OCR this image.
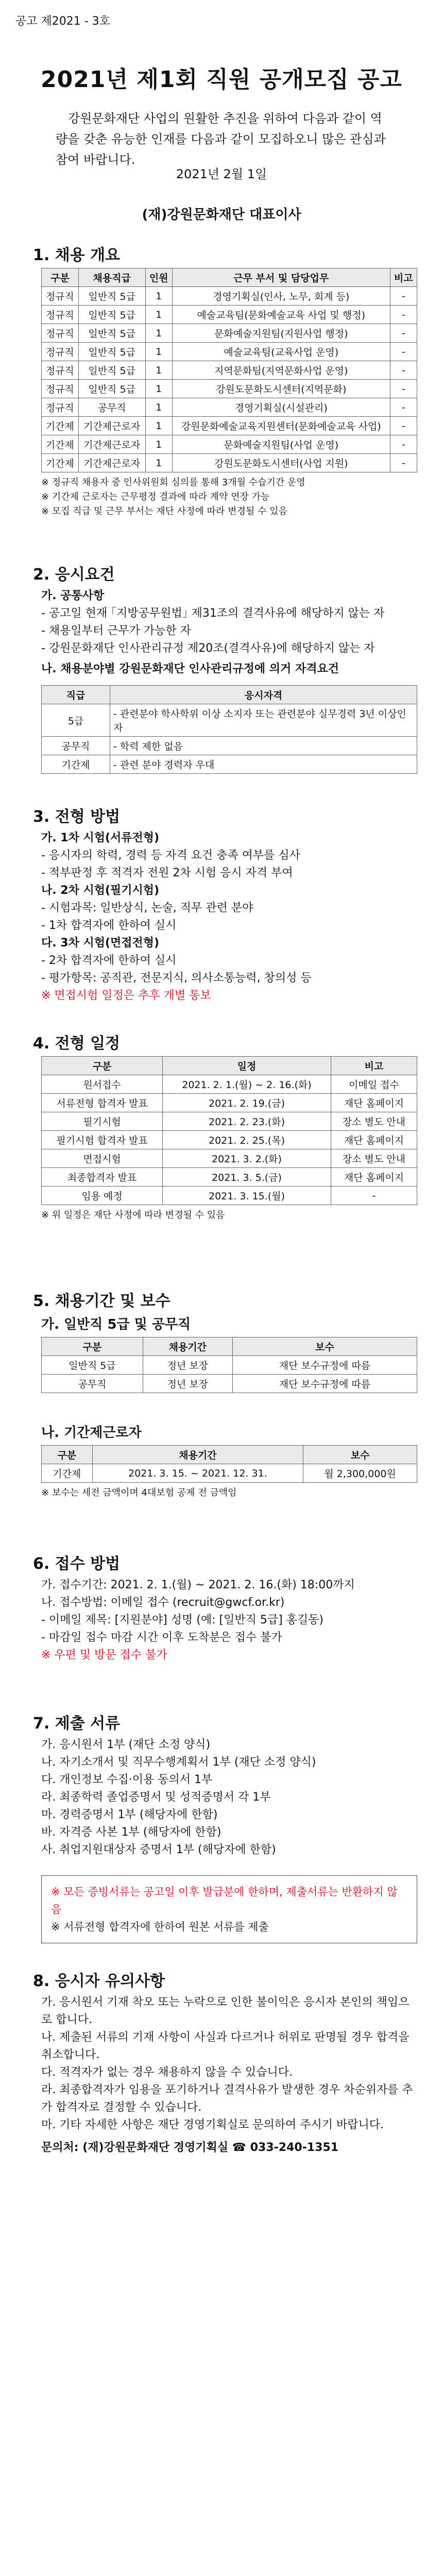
공고 제2021 - 3호
2021년 제1회 직원 공개모집 공고
강원문화재단 사업의 원활한 추진을 위하여 다음과 같이 역량을 갖춘 유능한 인재를 다음과 같이 모집하오니 많은 관심과 참여 바랍니다.
2021년 2월 1일
(재)강원문화재단 대표이사
1. 채용 개요
구분	채용직급	인원	근무 부서 및 담당업무	비고
정규직	일반직 5급	1	경영기획실(인사, 노무, 회계 등)	-
정규직	일반직 5급	1	예술교육팀(문화예술교육 사업 및 행정)	-
정규직	일반직 5급	1	문화예술지원팀(지원사업 행정)	-
정규직	일반직 5급	1	예술교육팀(교육사업 운영)	-
정규직	일반직 5급	1	지역문화팀(지역문화사업 운영)	-
정규직	일반직 5급	1	강원도문화도시센터(지역문화)	-
정규직	공무직	1	경영기획실(시설관리)	-
기간제	기간제근로자	1	강원문화예술교육지원센터(문화예술교육 사업)	-
기간제	기간제근로자	1	문화예술지원팀(사업 운영)	-
기간제	기간제근로자	1	강원도문화도시센터(사업 지원)	-
※ 정규직 채용자 중 인사위원회 심의를 통해 3개월 수습기간 운영
※ 기간제 근로자는 근무평정 결과에 따라 계약 연장 가능
※ 모집 직급 및 근무 부서는 재단 사정에 따라 변경될 수 있음
2. 응시요건

가. 공통사항

- 공고일 현재 ｢지방공무원법｣ 제31조의 결격사유에 해당하지 않는 자

- 채용일부터 근무가 가능한 자

- 강원문화재단 인사관리규정 제20조(결격사유)에 해당하지 않는 자

나. 채용분야별 강원문화재단 인사관리규정에 의거 자격요건

직급	응시자격
5급	- 관련분야 학사학위 이상 소지자 또는 관련분야 실무경력 3년 이상인 자
공무직	- 학력 제한 없음
기간제	- 관련 분야 경력자 우대
3. 전형 방법

가. 1차 시험(서류전형)

- 응시자의 학력, 경력 등 자격 요건 충족 여부를 심사

- 적부판정 후 적격자 전원 2차 시험 응시 자격 부여

나. 2차 시험(필기시험)

- 시험과목: 일반상식, 논술, 직무 관련 분야

- 1차 합격자에 한하여 실시

다. 3차 시험(면접전형)

- 2차 합격자에 한하여 실시

- 평가항목: 공직관, 전문지식, 의사소통능력, 창의성 등

※ 면접시험 일정은 추후 개별 통보

4. 전형 일정
구분	일정	비고
원서접수	2021. 2. 1.(월) ~ 2. 16.(화)	이메일 접수
서류전형 합격자 발표	2021. 2. 19.(금)	재단 홈페이지
필기시험	2021. 2. 23.(화)	장소 별도 안내
필기시험 합격자 발표	2021. 2. 25.(목)	재단 홈페이지
면접시험	2021. 3. 2.(화)	장소 별도 안내
최종합격자 발표	2021. 3. 5.(금)	재단 홈페이지
임용 예정	2021. 3. 15.(월)	-
※ 위 일정은 재단 사정에 따라 변경될 수 있음
5. 채용기간 및 보수
가. 일반직 5급 및 공무직
구분	채용기간	보수
일반직 5급	정년 보장	재단 보수규정에 따름
공무직	정년 보장	재단 보수규정에 따름
나. 기간제근로자
구분	채용기간	보수
기간제	2021. 3. 15. ~ 2021. 12. 31.	월 2,300,000원
※ 보수는 세전 금액이며 4대보험 공제 전 금액임
6. 접수 방법

가. 접수기간: 2021. 2. 1.(월) ~ 2021. 2. 16.(화) 18:00까지

나. 접수방법: 이메일 접수 (recruit@gwcf.or.kr)

- 이메일 제목: [지원분야] 성명 (예: [일반직 5급] 홍길동)

- 마감일 접수 마감 시간 이후 도착분은 접수 불가

※ 우편 및 방문 접수 불가

7. 제출 서류

가. 응시원서 1부 (재단 소정 양식)

나. 자기소개서 및 직무수행계획서 1부 (재단 소정 양식)

다. 개인정보 수집·이용 동의서 1부

라. 최종학력 졸업증명서 및 성적증명서 각 1부

마. 경력증명서 1부 (해당자에 한함)

바. 자격증 사본 1부 (해당자에 한함)

사. 취업지원대상자 증명서 1부 (해당자에 한함)

※ 모든 증빙서류는 공고일 이후 발급분에 한하며, 제출서류는 반환하지 않음
※ 서류전형 합격자에 한하여 원본 서류를 제출
8. 응시자 유의사항

가. 응시원서 기재 착오 또는 누락으로 인한 불이익은 응시자 본인의 책임으로 합니다.

나. 제출된 서류의 기재 사항이 사실과 다르거나 허위로 판명될 경우 합격을 취소합니다.

다. 적격자가 없는 경우 채용하지 않을 수 있습니다.

라. 최종합격자가 임용을 포기하거나 결격사유가 발생한 경우 차순위자를 추가 합격자로 결정할 수 있습니다.

마. 기타 자세한 사항은 재단 경영기획실로 문의하여 주시기 바랍니다.

문의처: (재)강원문화재단 경영기획실 ☎ 033-240-1351
